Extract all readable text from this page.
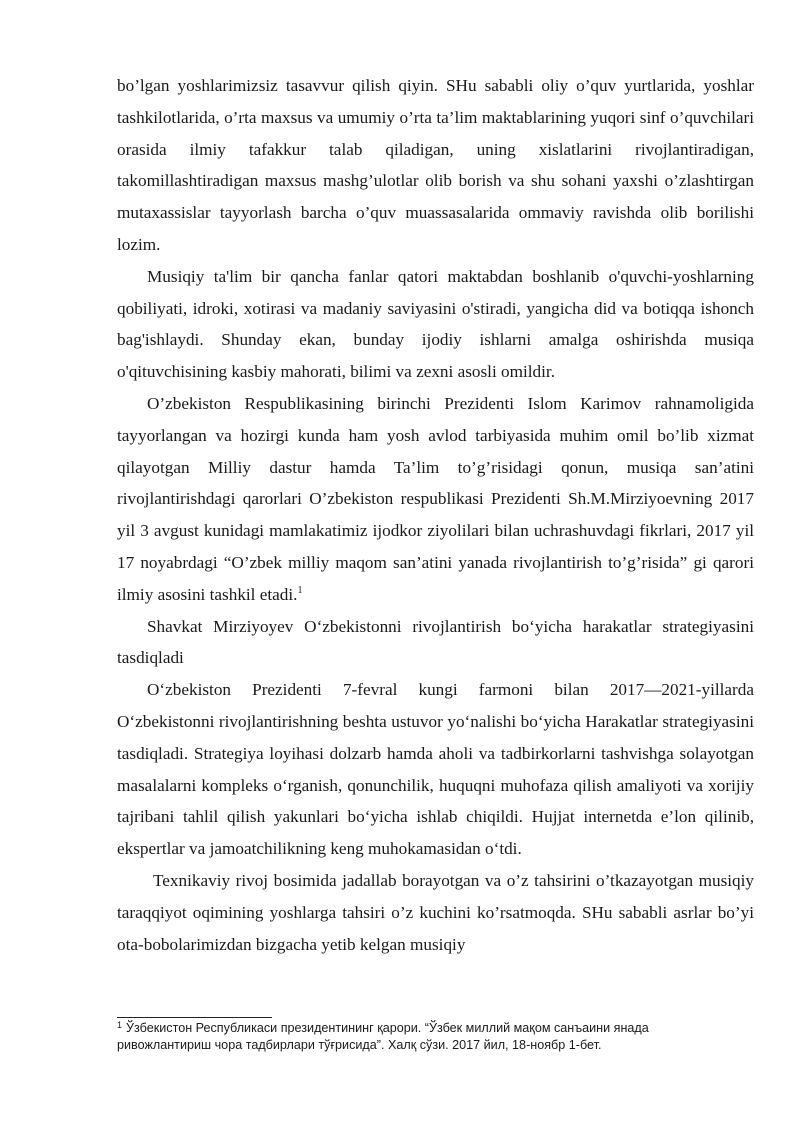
bo’lgan yoshlarimizsiz tasavvur qilish qiyin. SHu sababli oliy o’quv yurtlarida, yoshlar tashkilotlarida, o’rta maxsus va umumiy o’rta ta’lim maktablarining yuqori sinf o’quvchilari orasida ilmiy tafakkur talab qiladigan, uning xislatlarini rivojlantiradigan, takomillashtiradigan maxsus mashg’ulotlar olib borish va shu sohani yaxshi o’zlashtirgan mutaxassislar tayyorlash barcha o’quv muassasalarida ommaviy ravishda olib borilishi lozim.

Musiqiy ta'lim bir qancha fanlar qatori maktabdan boshlanib o'quvchi-yoshlarning qobiliyati, idroki, xotirasi va madaniy saviyasini o'stiradi, yangicha did va botiqqa ishonch bag'ishlaydi. Shunday ekan, bunday ijodiy ishlarni amalga oshirishda musiqa o'qituvchisining kasbiy mahorati, bilimi va zexni asosli omildir.

O’zbekiston Respublikasining birinchi Prezidenti Islom Karimov rahnamoligida tayyorlangan va hozirgi kunda ham yosh avlod tarbiyasida muhim omil bo’lib xizmat qilayotgan Milliy dastur hamda Ta’lim to’g’risidagi qonun, musiqa san’atini rivojlantirishdagi qarorlari O’zbekiston respublikasi Prezidenti Sh.M.Mirziyoevning 2017 yil 3 avgust kunidagi mamlakatimiz ijodkor ziyolilari bilan uchrashuvdagi fikrlari, 2017 yil 17 noyabrdagi “O’zbek milliy maqom san’atini yanada rivojlantirish to’g’risida” gi qarori ilmiy asosini tashkil etadi.$^1$

Shavkat Mirziyoyev O‘zbekistonni rivojlantirish bo‘yicha harakatlar strategiyasini tasdiqladi

O‘zbekiston Prezidenti 7-fevral kungi farmoni bilan 2017—2021-yillarda O‘zbekistonni rivojlantirishning beshta ustuvor yo‘nalishi bo‘yicha Harakatlar strategiyasini tasdiqladi. Strategiya loyihasi dolzarb hamda aholi va tadbirkorlarni tashvishga solayotgan masalalarni kompleks o‘rganish, qonunchilik, huquqni muhofaza qilish amaliyoti va xorijiy tajribani tahlil qilish yakunlari bo‘yicha ishlab chiqildi. Hujjat internetda e’lon qilinib, ekspertlar va jamoatchilikning keng muhokamasidan o‘tdi.

Texnikaviy rivoj bosimida jadallab borayotgan va o’z tahsirini o’tkazayotgan musiqiy taraqqiyot oqimining yoshlarga tahsiri o’z kuchini ko’rsatmoqda. SHu sababli asrlar bo’yi ota-bobolarimizdan bizgacha yetib kelgan musiqiy

$^1$ Ўзбекистон Республикаси президентининг қарори. “Ўзбек миллий мақом санъаини янада ривожлантириш чора тадбирлари тўғрисида”. Халқ сўзи. 2017 йил, 18-ноябр 1-бет.
